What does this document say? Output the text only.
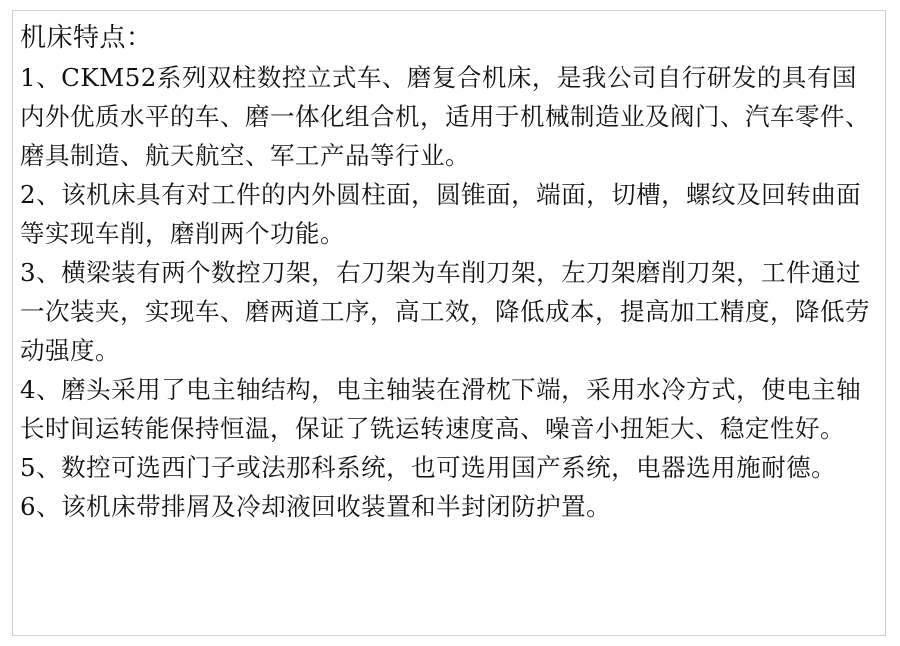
机床特点：

1、CKM52系列双柱数控立式车、磨复合机床，是我公司自行研发的具有国内外优质水平的车、磨一体化组合机，适用于机械制造业及阀门、汽车零件、磨具制造、航天航空、军工产品等行业。

2、该机床具有对工件的内外圆柱面，圆锥面，端面，切槽，螺纹及回转曲面等实现车削，磨削两个功能。

3、横梁装有两个数控刀架，右刀架为车削刀架，左刀架磨削刀架，工件通过一次装夹，实现车、磨两道工序，高工效，降低成本，提高加工精度，降低劳动强度。

4、磨头采用了电主轴结构，电主轴装在滑枕下端，采用水冷方式，使电主轴长时间运转能保持恒温，保证了铣运转速度高、噪音小扭矩大、稳定性好。

5、数控可选西门子或法那科系统，也可选用国产系统，电器选用施耐德。

6、该机床带排屑及冷却液回收装置和半封闭防护置。
